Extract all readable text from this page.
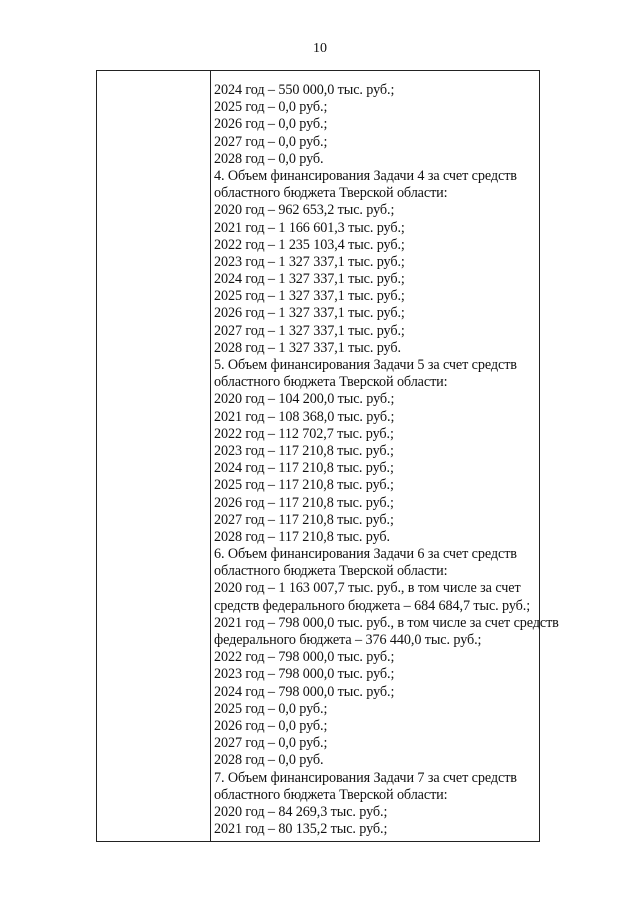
10
2024 год – 550 000,0 тыс. руб.;
2025 год – 0,0 руб.;
2026 год – 0,0 руб.;
2027 год – 0,0 руб.;
2028 год – 0,0 руб.
4. Объем финансирования Задачи 4 за счет средств
областного бюджета Тверской области:
2020 год – 962 653,2 тыс. руб.;
2021 год – 1 166 601,3 тыс. руб.;
2022 год – 1 235 103,4 тыс. руб.;
2023 год – 1 327 337,1 тыс. руб.;
2024 год – 1 327 337,1 тыс. руб.;
2025 год – 1 327 337,1 тыс. руб.;
2026 год – 1 327 337,1 тыс. руб.;
2027 год – 1 327 337,1 тыс. руб.;
2028 год – 1 327 337,1 тыс. руб.
5. Объем финансирования Задачи 5 за счет средств
областного бюджета Тверской области:
2020 год – 104 200,0 тыс. руб.;
2021 год – 108 368,0 тыс. руб.;
2022 год – 112 702,7 тыс. руб.;
2023 год – 117 210,8 тыс. руб.;
2024 год – 117 210,8 тыс. руб.;
2025 год – 117 210,8 тыс. руб.;
2026 год – 117 210,8 тыс. руб.;
2027 год – 117 210,8 тыс. руб.;
2028 год – 117 210,8 тыс. руб.
6. Объем финансирования Задачи 6 за счет средств
областного бюджета Тверской области:
2020 год – 1 163 007,7 тыс. руб., в том числе за счет
средств федерального бюджета – 684 684,7 тыс. руб.;
2021 год – 798 000,0 тыс. руб., в том числе за счет средств
федерального бюджета – 376 440,0 тыс. руб.;
2022 год – 798 000,0 тыс. руб.;
2023 год – 798 000,0 тыс. руб.;
2024 год – 798 000,0 тыс. руб.;
2025 год – 0,0 руб.;
2026 год – 0,0 руб.;
2027 год – 0,0 руб.;
2028 год – 0,0 руб.
7. Объем финансирования Задачи 7 за счет средств
областного бюджета Тверской области:
2020 год – 84 269,3 тыс. руб.;
2021 год – 80 135,2 тыс. руб.;
